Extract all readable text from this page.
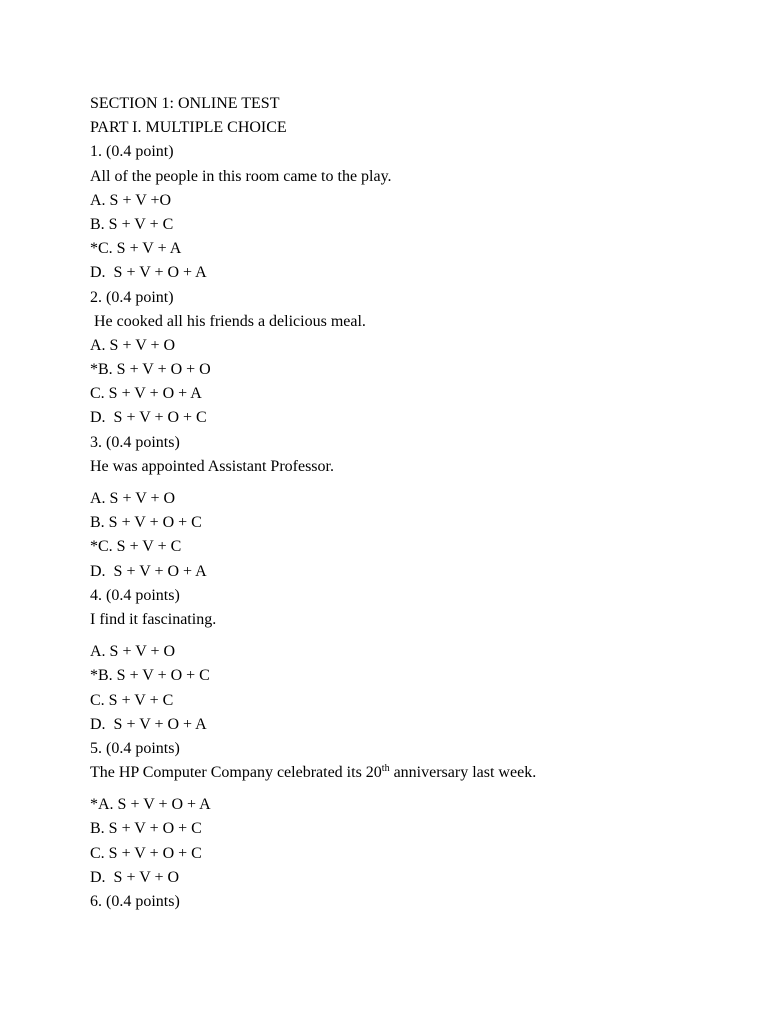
SECTION 1: ONLINE TEST
PART I. MULTIPLE CHOICE
1. (0.4 point)
All of the people in this room came to the play.
A. S + V +O
B. S + V + C
*C. S + V + A
D.  S + V + O + A
2. (0.4 point)
He cooked all his friends a delicious meal.
A. S + V + O
*B. S + V + O + O
C. S + V + O + A
D.  S + V + O + C
3. (0.4 points)
He was appointed Assistant Professor.
A. S + V + O
B. S + V + O + C
*C. S + V + C
D.  S + V + O + A
4. (0.4 points)
I find it fascinating.
A. S + V + O
*B. S + V + O + C
C. S + V + C
D.  S + V + O + A
5. (0.4 points)
The HP Computer Company celebrated its 20th anniversary last week.
*A. S + V + O + A
B. S + V + O + C
C. S + V + O + C
D.  S + V + O
6. (0.4 points)
